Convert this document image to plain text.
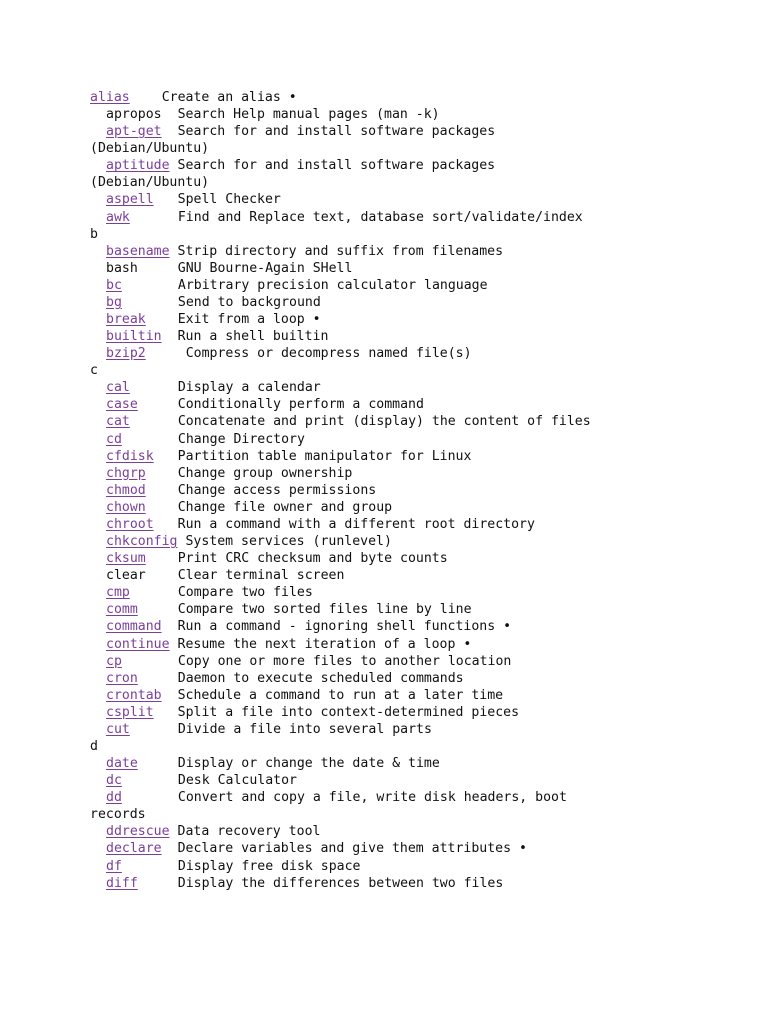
alias Create an alias •
apropos Search Help manual pages (man -k)
apt-get Search for and install software packages
(Debian/Ubuntu)
aptitude Search for and install software packages
(Debian/Ubuntu)
aspell Spell Checker
awk	Find and Replace text, database sort/validate/index
b
basename Strip directory and suffix from filenames
bash	GNU Bourne-Again SHell
bc	Arbitrary precision calculator language
bg	Send to background
break Exit from a loop •
builtin Run a shell builtin
bzip2	Compress or decompress named file(s)
c
cal	Display a calendar
case	Conditionally perform a command
cat	Concatenate and print (display) the content of files
cd	Change Directory
cfdisk Partition table manipulator for Linux
chgrp Change group ownership
chmod Change access permissions
chown Change file owner and group
chroot Run a command with a different root directory
chkconfig System services (runlevel)
cksum Print CRC checksum and byte counts
clear Clear terminal screen
cmp	Compare two files
comm	Compare two sorted files line by line
command Run a command - ignoring shell functions •
continue Resume the next iteration of a loop •
cp	Copy one or more files to another location
cron	Daemon to execute scheduled commands
crontab Schedule a command to run at a later time
csplit Split a file into context-determined pieces
cut	Divide a file into several parts
d
date	Display or change the date & time
dc	Desk Calculator
dd	Convert and copy a file, write disk headers, boot
records
ddrescue Data recovery tool
declare Declare variables and give them attributes •
df	Display free disk space
diff	Display the differences between two files
